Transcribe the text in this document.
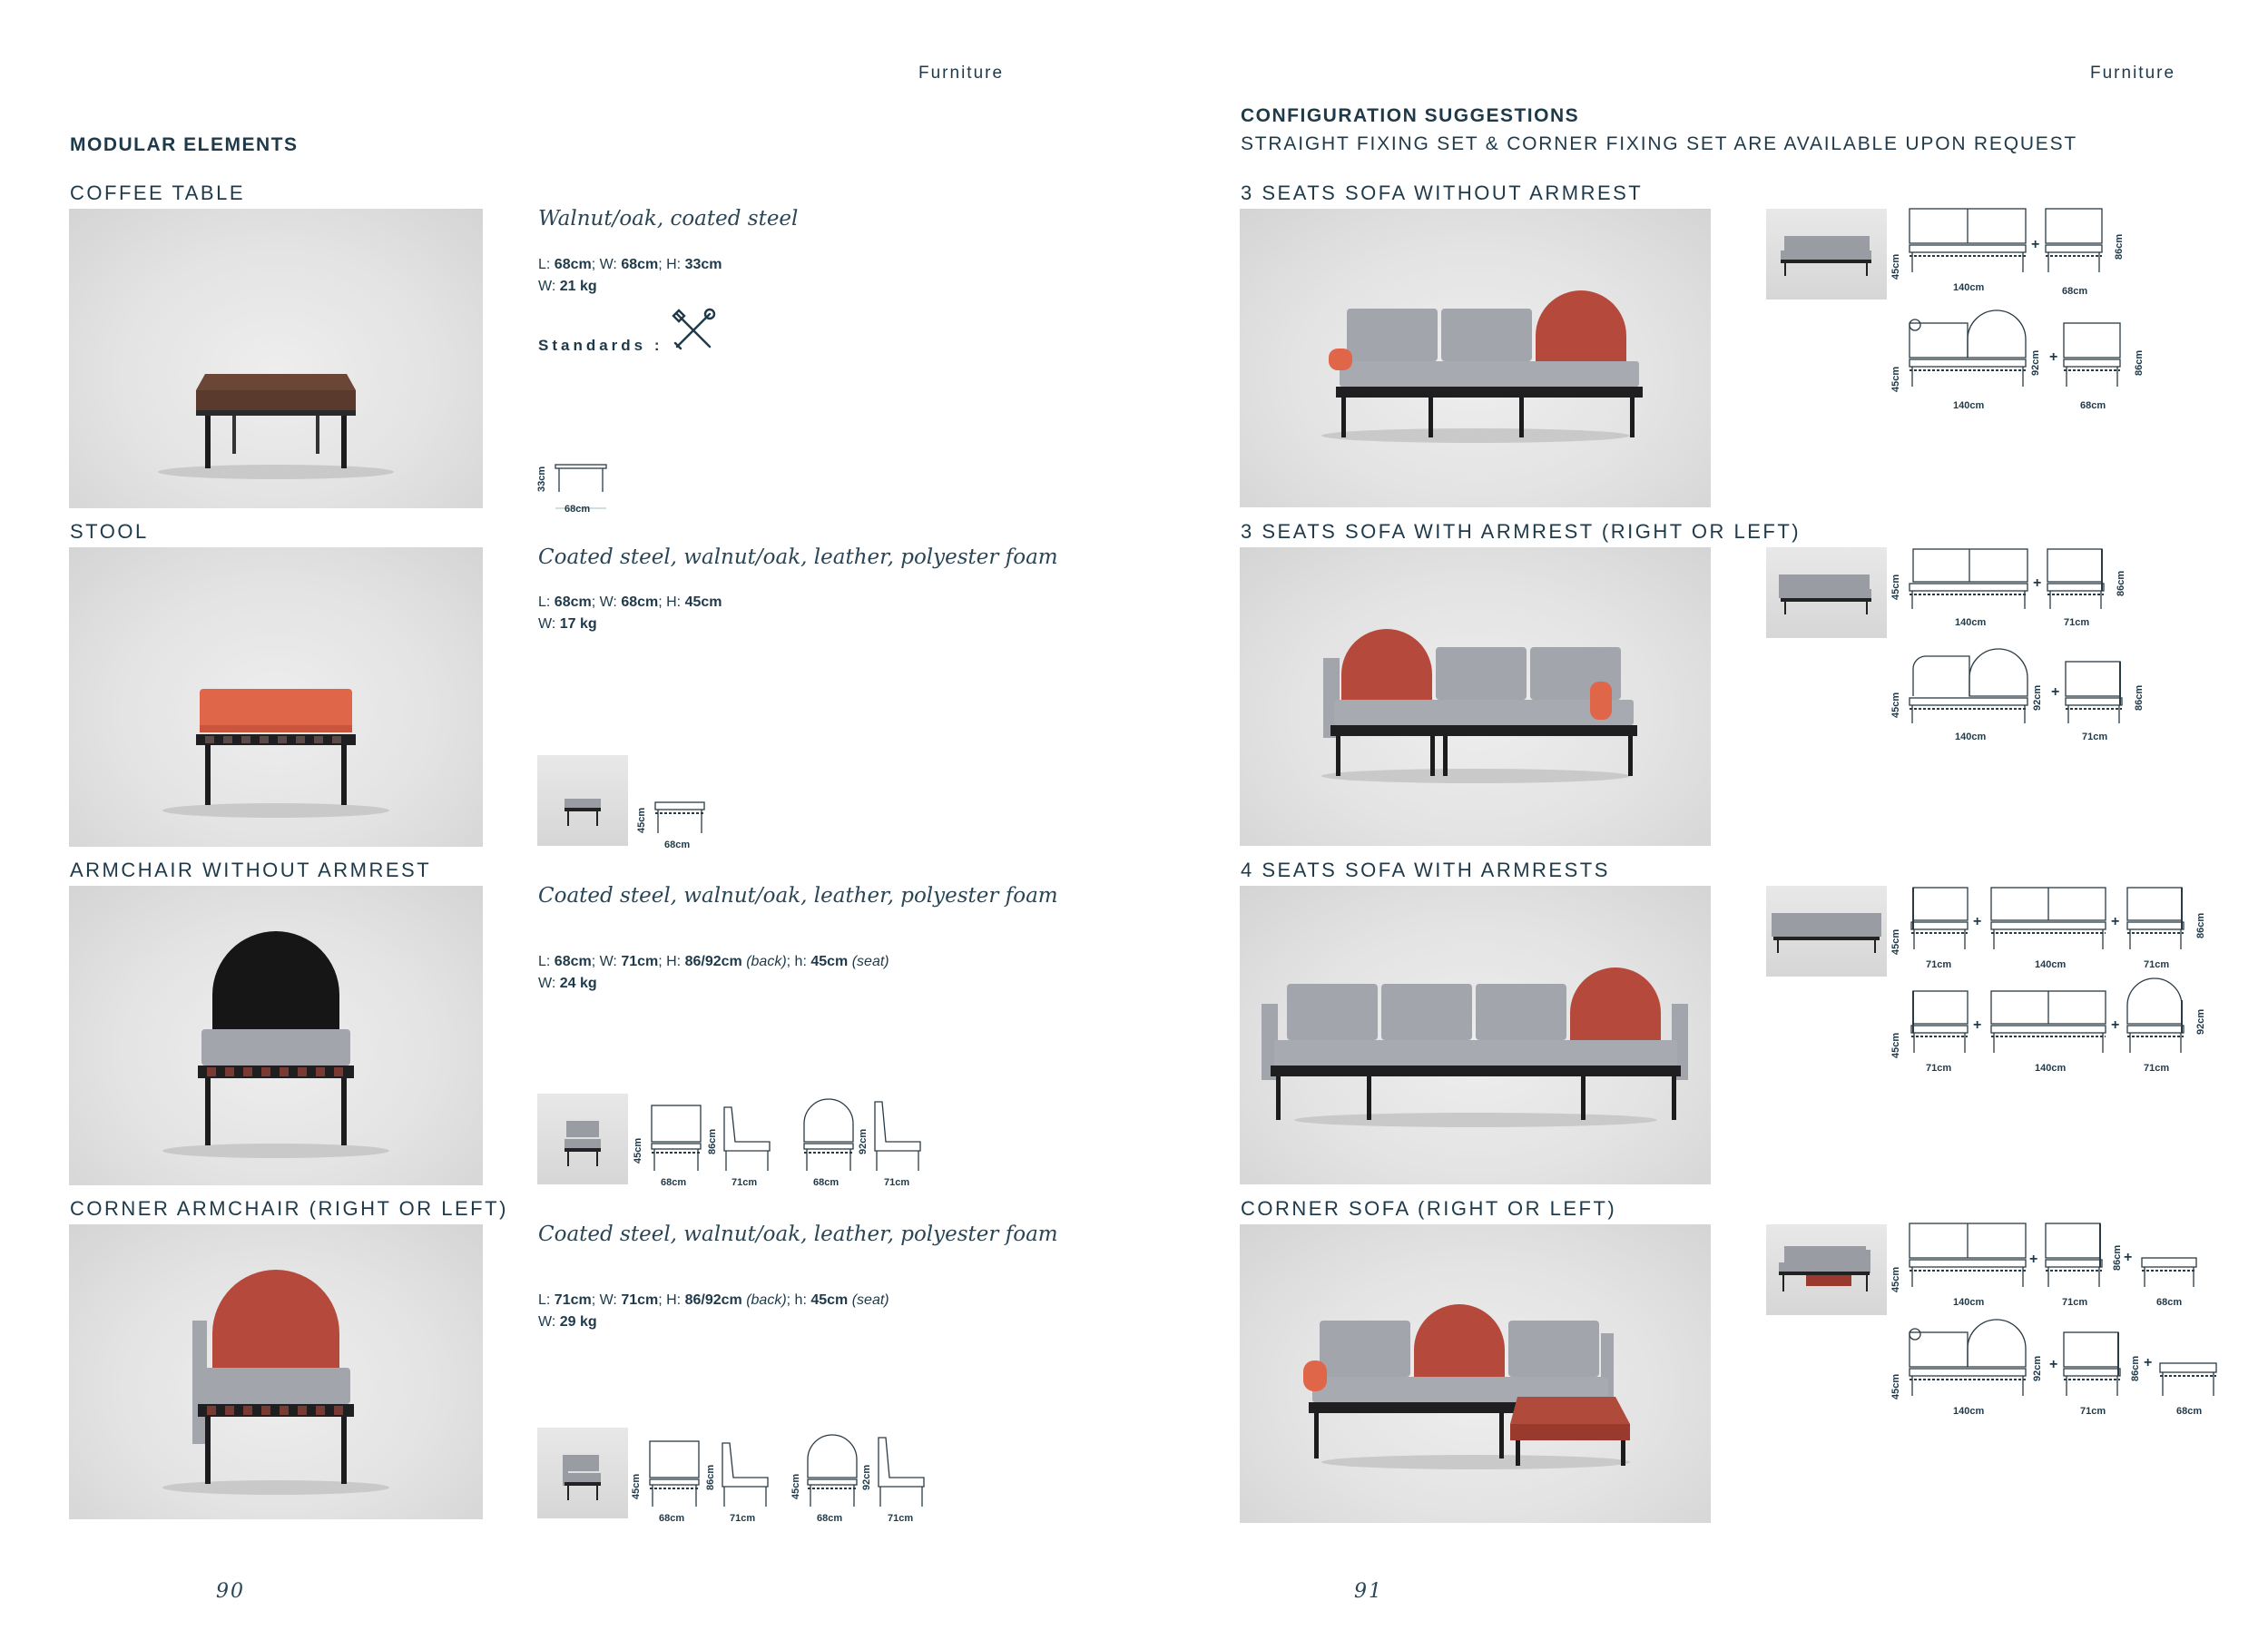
Furniture
MODULAR ELEMENTS
COFFEE TABLE
Walnut/oak, coated steel
L: 68cm; W: 68cm; H: 33cm
W: 21 kg
Standards :
33cm
68cm
STOOL
Coated steel, walnut/oak, leather, polyester foam
L: 68cm; W: 68cm; H: 45cm
W: 17 kg
45cm
68cm
ARMCHAIR WITHOUT ARMREST
Coated steel, walnut/oak, leather, polyester foam
L: 68cm; W: 71cm; H: 86/92cm (back); h: 45cm (seat)
W: 24 kg
45cm
68cm
86cm
71cm	68cm
92cm
71cm
CORNER ARMCHAIR (RIGHT OR LEFT)
Coated steel, walnut/oak, leather, polyester foam
L: 71cm; W: 71cm; H: 86/92cm (back); h: 45cm (seat)
W: 29 kg
45cm
68cm
86cm
71cm
45cm
68cm
92cm
71cm
90
Furniture
CONFIGURATION SUGGESTIONS
STRAIGHT FIXING SET & CORNER FIXING SET ARE AVAILABLE UPON REQUEST
3 SEATS SOFA WITHOUT ARMREST
45cm
140cm
+
68cm
86cm
45cm
140cm
92cm +
68cm
86cm
3 SEATS SOFA WITH ARMREST (RIGHT OR LEFT)
45cm
140cm
+
71cm
86cm
45cm
140cm
92cm +
71cm
86cm
4 SEATS SOFA WITH ARMRESTS
45cm
71cm
+
140cm
+
71cm
86cm
45cm
71cm
+
140cm
+
71cm
92cm
CORNER SOFA (RIGHT OR LEFT)
45cm
140cm
+
71cm
86cm +
68cm
45cm
140cm
92cm +
71cm
86cm +
68cm
91
